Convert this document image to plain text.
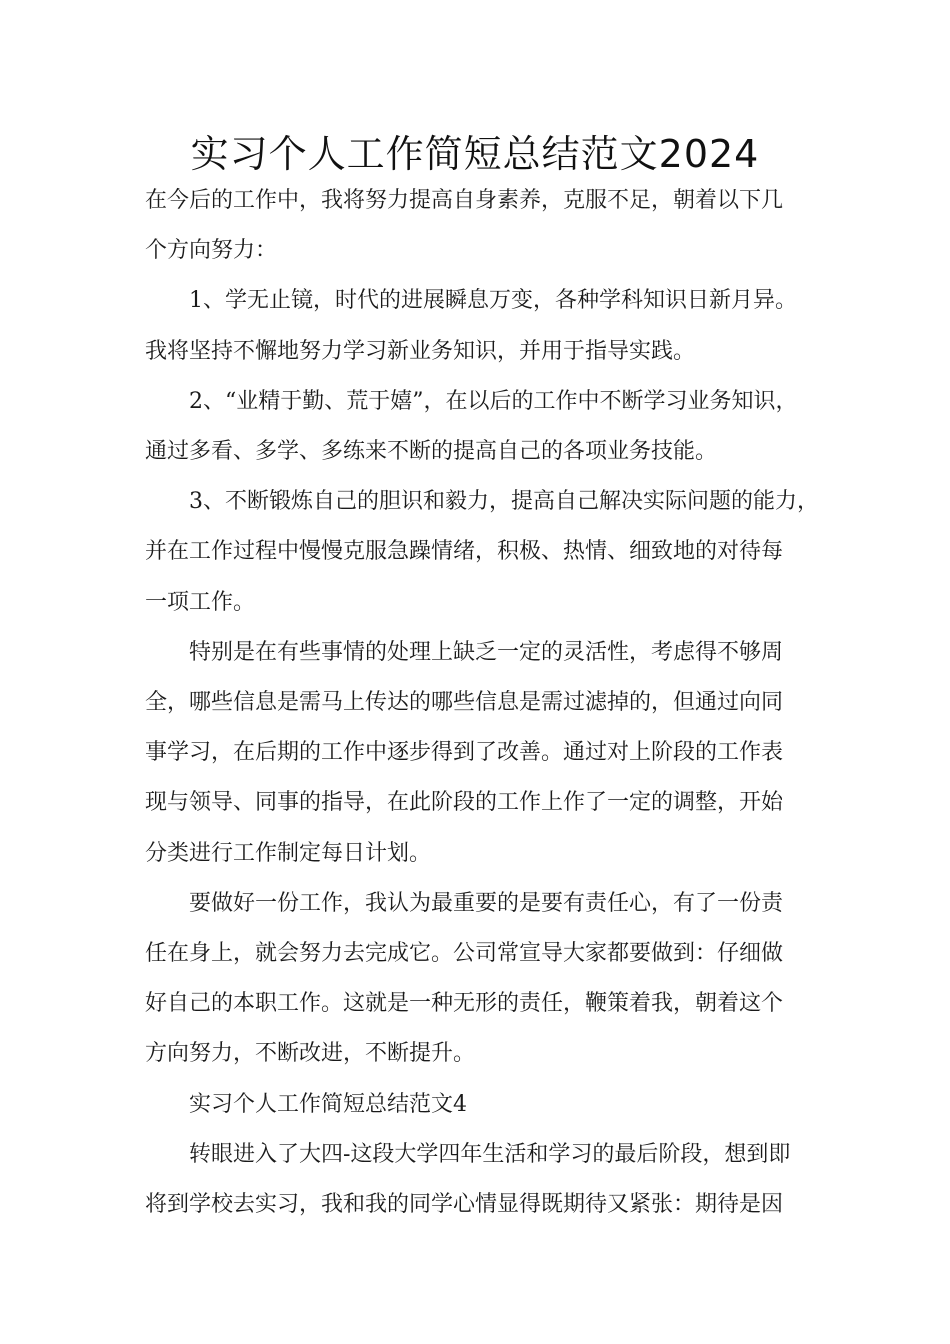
实习个人工作简短总结范文2024

在今后的工作中，我将努力提高自身素养，克服不足，朝着以下几

个方向努力：

1、学无止镜，时代的进展瞬息万变，各种学科知识日新月异。

我将坚持不懈地努力学习新业务知识，并用于指导实践。

2、“业精于勤、荒于嬉”，在以后的工作中不断学习业务知识，

通过多看、多学、多练来不断的提高自己的各项业务技能。

3、不断锻炼自己的胆识和毅力，提高自己解决实际问题的能力，

并在工作过程中慢慢克服急躁情绪，积极、热情、细致地的对待每

一项工作。

特别是在有些事情的处理上缺乏一定的灵活性，考虑得不够周

全，哪些信息是需马上传达的哪些信息是需过滤掉的，但通过向同

事学习，在后期的工作中逐步得到了改善。通过对上阶段的工作表

现与领导、同事的指导，在此阶段的工作上作了一定的调整，开始

分类进行工作制定每日计划。

要做好一份工作，我认为最重要的是要有责任心，有了一份责

任在身上，就会努力去完成它。公司常宣导大家都要做到：仔细做

好自己的本职工作。这就是一种无形的责任，鞭策着我，朝着这个

方向努力，不断改进，不断提升。

实习个人工作简短总结范文4

转眼进入了大四-这段大学四年生活和学习的最后阶段，想到即

将到学校去实习，我和我的同学心情显得既期待又紧张：期待是因
